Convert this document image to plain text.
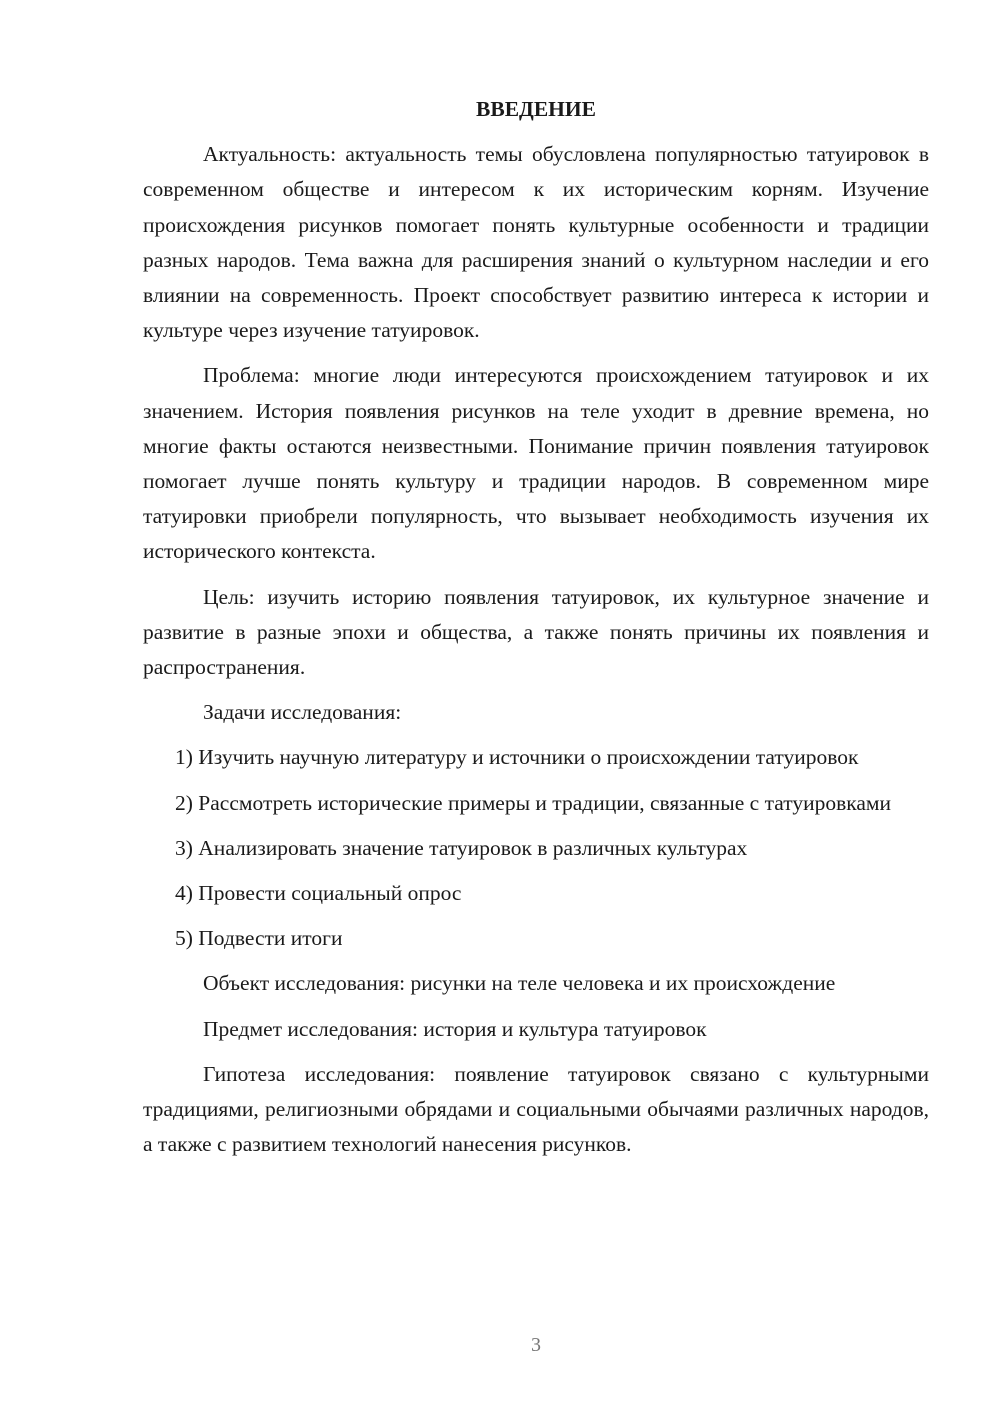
ВВЕДЕНИЕ

Актуальность: актуальность темы обусловлена популярностью татуировок в современном обществе и интересом к их историческим корням. Изучение происхождения рисунков помогает понять культурные особенности и традиции разных народов. Тема важна для расширения знаний о культурном наследии и его влиянии на современность. Проект способствует развитию интереса к истории и культуре через изучение татуировок.

Проблема: многие люди интересуются происхождением татуировок и их значением. История появления рисунков на теле уходит в древние времена, но многие факты остаются неизвестными. Понимание причин появления татуировок помогает лучше понять культуру и традиции народов. В современном мире татуировки приобрели популярность, что вызывает необходимость изучения их исторического контекста.

Цель: изучить историю появления татуировок, их культурное значение и развитие в разные эпохи и общества, а также понять причины их появления и распространения.

Задачи исследования:

1) Изучить научную литературу и источники о происхождении татуировок

2) Рассмотреть исторические примеры и традиции, связанные с татуировками

3) Анализировать значение татуировок в различных культурах

4) Провести социальный опрос

5) Подвести итоги

Объект исследования: рисунки на теле человека и их происхождение

Предмет исследования: история и культура татуировок

Гипотеза исследования: появление татуировок связано с культурными традициями, религиозными обрядами и социальными обычаями различных народов, а также с развитием технологий нанесения рисунков.

3
